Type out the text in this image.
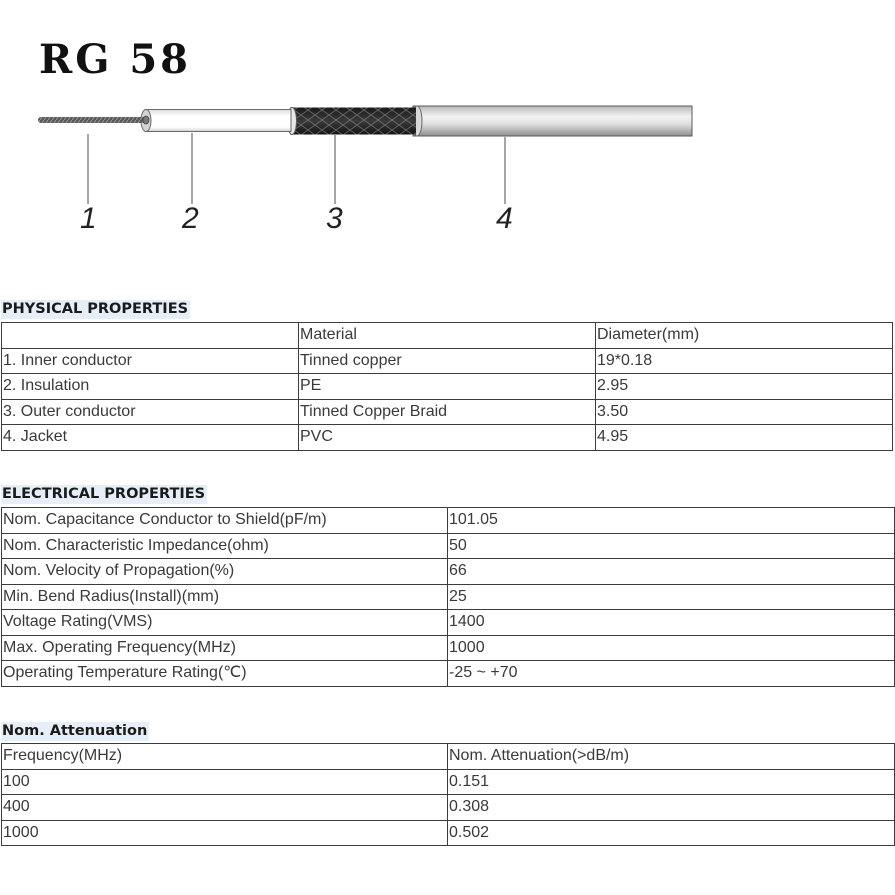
RG 58
1	2	3	4
PHYSICAL PROPERTIES
	Material	Diameter(mm)
1. Inner conductor	Tinned copper	19*0.18
2. Insulation	PE	2.95
3. Outer conductor	Tinned Copper Braid	3.50
4. Jacket	PVC	4.95
ELECTRICAL PROPERTIES
Nom. Capacitance Conductor to Shield(pF/m)	101.05
Nom. Characteristic Impedance(ohm)	50
Nom. Velocity of Propagation(%)	66
Min. Bend Radius(Install)(mm)	25
Voltage Rating(VMS)	1400
Max. Operating Frequency(MHz)	1000
Operating Temperature Rating(℃)	-25 ~ +70
Nom. Attenuation
Frequency(MHz)	Nom. Attenuation(>dB/m)
100	0.151
400	0.308
1000	0.502
